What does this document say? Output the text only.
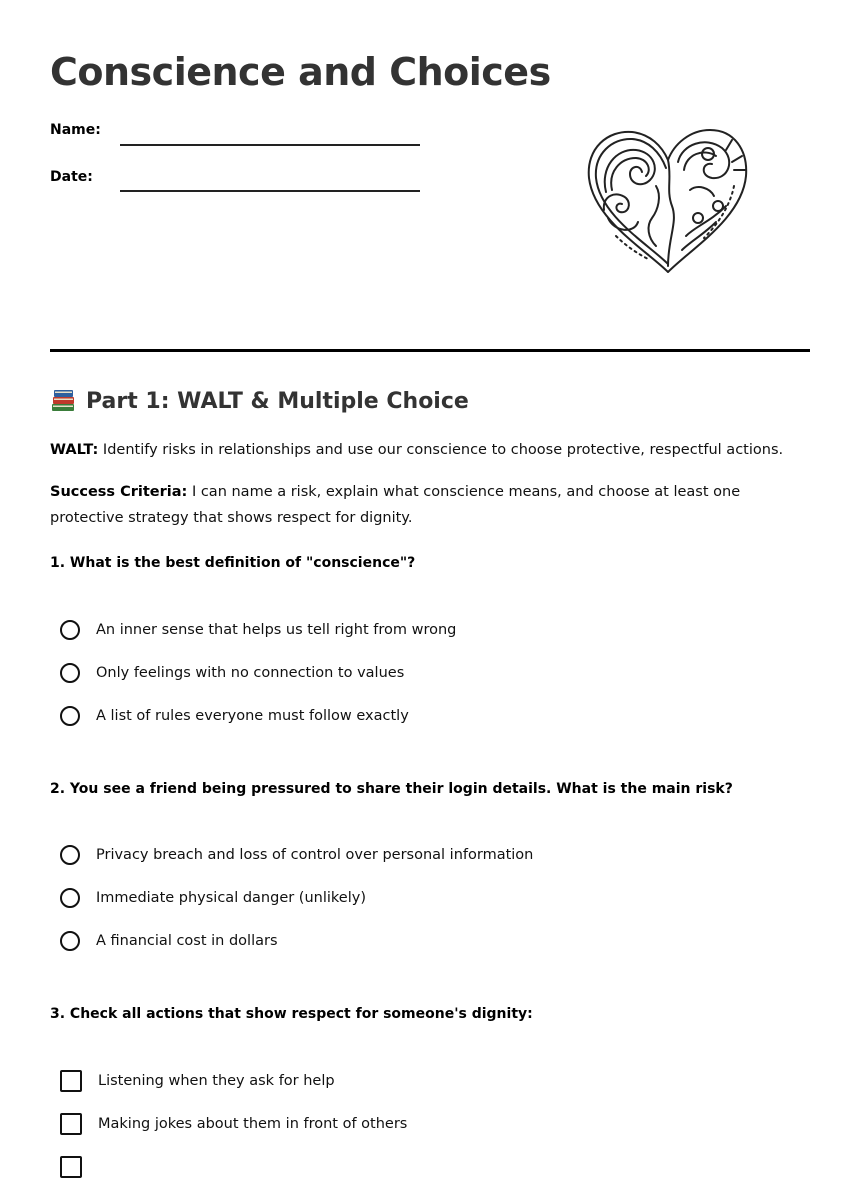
Conscience and Choices
Name:
Date:
Part 1: WALT & Multiple Choice

WALT: Identify risks in relationships and use our conscience to choose protective, respectful actions.

Success Criteria: I can name a risk, explain what conscience means, and choose at least one protective strategy that shows respect for dignity.

1. What is the best definition of "conscience"?

An inner sense that helps us tell right from wrong
Only feelings with no connection to values
A list of rules everyone must follow exactly

2. You see a friend being pressured to share their login details. What is the main risk?

Privacy breach and loss of control over personal information
Immediate physical danger (unlikely)
A financial cost in dollars

3. Check all actions that show respect for someone's dignity:

Listening when they ask for help
Making jokes about them in front of others
